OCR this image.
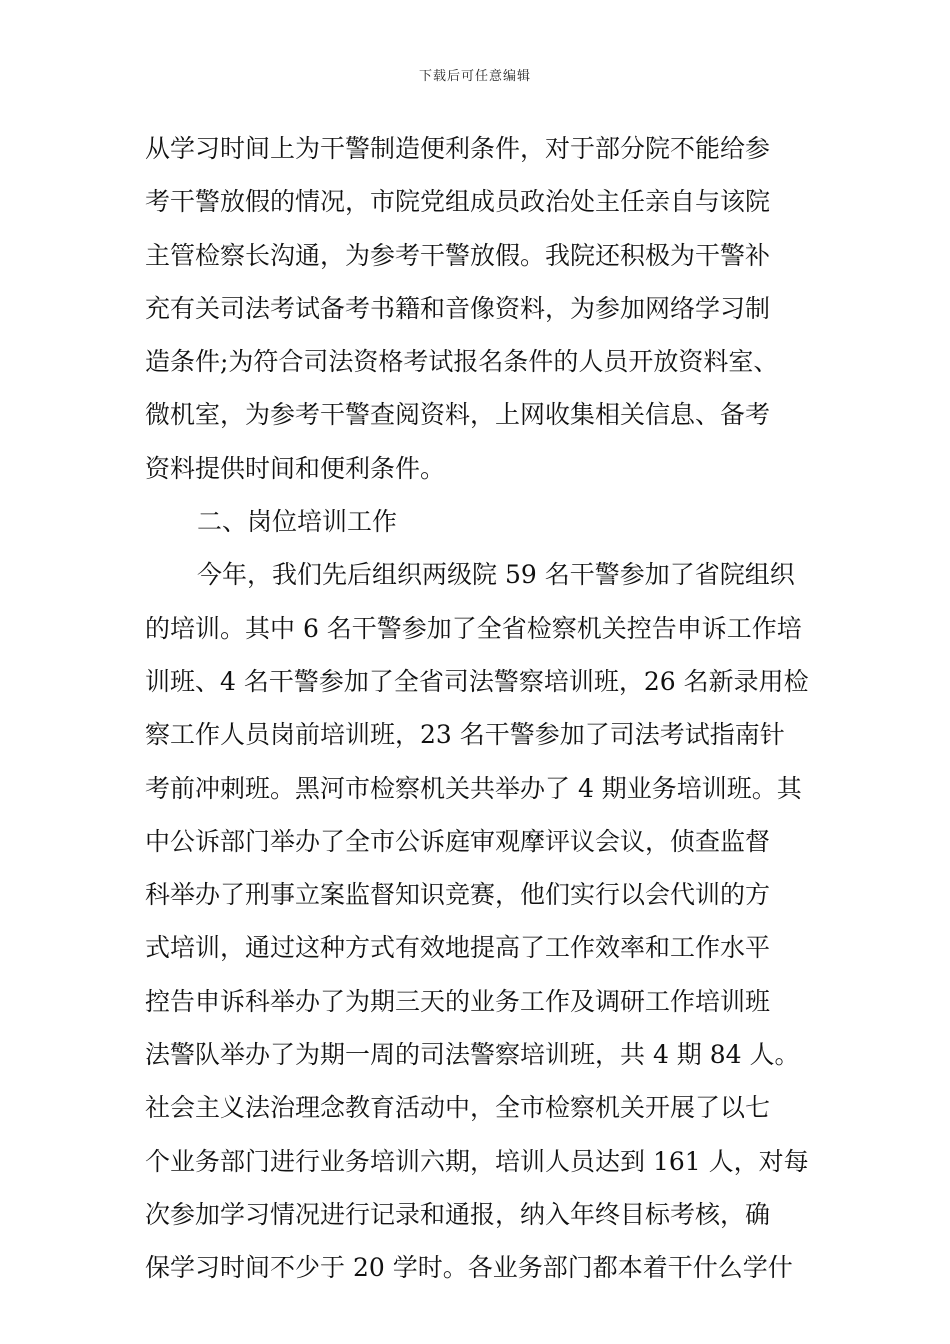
下载后可任意编辑
从学习时间上为干警制造便利条件，对于部分院不能给参
考干警放假的情况，市院党组成员政治处主任亲自与该院
主管检察长沟通，为参考干警放假。我院还积极为干警补
充有关司法考试备考书籍和音像资料，为参加网络学习制
造条件;为符合司法资格考试报名条件的人员开放资料室、
微机室，为参考干警查阅资料，上网收集相关信息、备考
资料提供时间和便利条件。
二、岗位培训工作
今年，我们先后组织两级院 59 名干警参加了省院组织
的培训。其中 6 名干警参加了全省检察机关控告申诉工作培
训班、4 名干警参加了全省司法警察培训班，26 名新录用检
察工作人员岗前培训班，23 名干警参加了司法考试指南针
考前冲刺班。黑河市检察机关共举办了 4 期业务培训班。其
中公诉部门举办了全市公诉庭审观摩评议会议，侦查监督
科举办了刑事立案监督知识竞赛，他们实行以会代训的方
式培训，通过这种方式有效地提高了工作效率和工作水平
控告申诉科举办了为期三天的业务工作及调研工作培训班
法警队举办了为期一周的司法警察培训班，共 4 期 84 人。
社会主义法治理念教育活动中，全市检察机关开展了以七
个业务部门进行业务培训六期，培训人员达到 161 人，对每
次参加学习情况进行记录和通报，纳入年终目标考核，确
保学习时间不少于 20 学时。各业务部门都本着干什么学什
